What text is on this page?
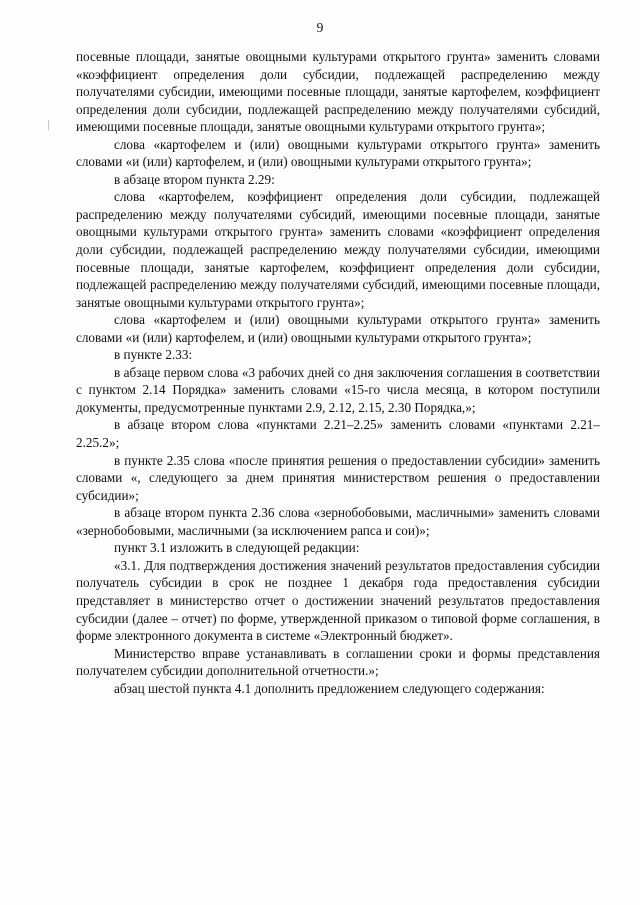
9

посевные площади, занятые овощными культурами открытого грунта» заменить словами «коэффициент определения доли субсидии, подлежащей распределению между получателями субсидии, имеющими посевные площади, занятые картофелем, коэффициент определения доли субсидии, подлежащей распределению между получателями субсидий, имеющими посевные площади, занятые овощными культурами открытого грунта»;

слова «картофелем и (или) овощными культурами открытого грунта» заменить словами «и (или) картофелем, и (или) овощными культурами открытого грунта»;

в абзаце втором пункта 2.29:

слова «картофелем, коэффициент определения доли субсидии, подлежащей распределению между получателями субсидий, имеющими посевные площади, занятые овощными культурами открытого грунта» заменить словами «коэффициент определения доли субсидии, подлежащей распределению между получателями субсидии, имеющими посевные площади, занятые картофелем, коэффициент определения доли субсидии, подлежащей распределению между получателями субсидий, имеющими посевные площади, занятые овощными культурами открытого грунта»;

слова «картофелем и (или) овощными культурами открытого грунта» заменить словами «и (или) картофелем, и (или) овощными культурами открытого грунта»;

в пункте 2.33:

в абзаце первом слова «3 рабочих дней со дня заключения соглашения в соответствии с пунктом 2.14 Порядка» заменить словами «15-го числа месяца, в котором поступили документы, предусмотренные пунктами 2.9, 2.12, 2.15, 2.30 Порядка,»;

в абзаце втором слова «пунктами 2.21–2.25» заменить словами «пунктами 2.21–2.25.2»;

в пункте 2.35 слова «после принятия решения о предоставлении субсидии» заменить словами «, следующего за днем принятия министерством решения о предоставлении субсидии»;

в абзаце втором пункта 2.36 слова «зернобобовыми, масличными» заменить словами «зернобобовыми, масличными (за исключением рапса и сои)»;

пункт 3.1 изложить в следующей редакции:

«3.1. Для подтверждения достижения значений результатов предоставления субсидии получатель субсидии в срок не позднее 1 декабря года предоставления субсидии представляет в министерство отчет о достижении значений результатов предоставления субсидии (далее – отчет) по форме, утвержденной приказом о типовой форме соглашения, в форме электронного документа в системе «Электронный бюджет».

Министерство вправе устанавливать в соглашении сроки и формы представления получателем субсидии дополнительной отчетности.»;

абзац шестой пункта 4.1 дополнить предложением следующего содержания:
